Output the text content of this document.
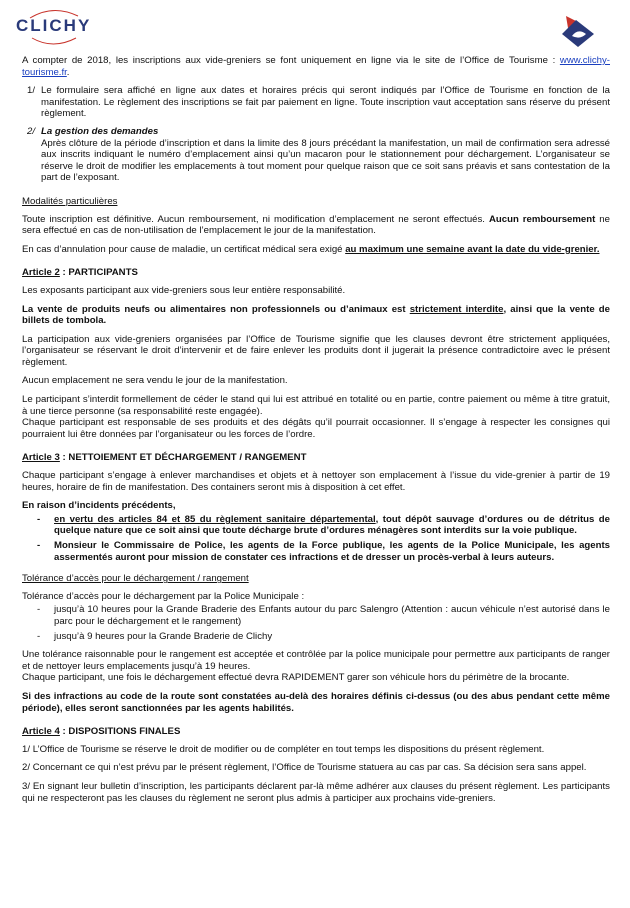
CLICHY

A compter de 2018, les inscriptions aux vide-greniers se font uniquement en ligne via le site de l’Office de Tourisme : www.clichy-tourisme.fr.

1/ Le formulaire sera affiché en ligne aux dates et horaires précis qui seront indiqués par l’Office de Tourisme en fonction de la manifestation. Le règlement des inscriptions se fait par paiement en ligne. Toute inscription vaut acceptation sans réserve du présent règlement.
2/ La gestion des demandes
Après clôture de la période d’inscription et dans la limite des 8 jours précédant la manifestation, un mail de confirmation sera adressé aux inscrits indiquant le numéro d’emplacement ainsi qu’un macaron pour le stationnement pour déchargement. L’organisateur se réserve le droit de modifier les emplacements à tout moment pour quelque raison que ce soit sans préavis et sans contestation de la part de l’exposant.
Modalités particulières

Toute inscription est définitive. Aucun remboursement, ni modification d’emplacement ne seront effectués. Aucun remboursement ne sera effectué en cas de non-utilisation de l’emplacement le jour de la manifestation.

En cas d’annulation pour cause de maladie, un certificat médical sera exigé au maximum une semaine avant la date du vide-grenier.

Article 2 : PARTICIPANTS

Les exposants participant aux vide-greniers sous leur entière responsabilité.

La vente de produits neufs ou alimentaires non professionnels ou d’animaux est strictement interdite, ainsi que la vente de billets de tombola.

La participation aux vide-greniers organisées par l’Office de Tourisme signifie que les clauses devront être strictement appliquées, l’organisateur se réservant le droit d’intervenir et de faire enlever les produits dont il jugerait la présence contradictoire avec le présent règlement.

Aucun emplacement ne sera vendu le jour de la manifestation.

Le participant s’interdit formellement de céder le stand qui lui est attribué en totalité ou en partie, contre paiement ou même à titre gratuit, à une tierce personne (sa responsabilité reste engagée).

Chaque participant est responsable de ses produits et des dégâts qu’il pourrait occasionner. Il s’engage à respecter les consignes qui pourraient lui être données par l’organisateur ou les forces de l’ordre.

Article 3 : NETTOIEMENT ET DÉCHARGEMENT / RANGEMENT

Chaque participant s’engage à enlever marchandises et objets et à nettoyer son emplacement à l’issue du vide-grenier à partir de 19 heures, horaire de fin de manifestation. Des containers seront mis à disposition à cet effet.

En raison d’incidents précédents,

- en vertu des articles 84 et 85 du règlement sanitaire départemental, tout dépôt sauvage d’ordures ou de détritus de quelque nature que ce soit ainsi que toute décharge brute d’ordures ménagères sont interdits sur la voie publique.
- Monsieur le Commissaire de Police, les agents de la Force publique, les agents de la Police Municipale, les agents assermentés auront pour mission de constater ces infractions et de dresser un procès-verbal à leurs auteurs.
Tolérance d’accès pour le déchargement / rangement

Tolérance d’accès pour le déchargement par la Police Municipale :

- jusqu’à 10 heures pour la Grande Braderie des Enfants autour du parc Salengro (Attention : aucun véhicule n’est autorisé dans le parc pour le déchargement et le rangement)
- jusqu’à 9 heures pour la Grande Braderie de Clichy

Une tolérance raisonnable pour le rangement est acceptée et contrôlée par la police municipale pour permettre aux participants de ranger et de nettoyer leurs emplacements jusqu’à 19 heures.

Chaque participant, une fois le déchargement effectué devra RAPIDEMENT garer son véhicule hors du périmètre de la brocante.

Si des infractions au code de la route sont constatées au-delà des horaires définis ci-dessus (ou des abus pendant cette même période), elles seront sanctionnées par les agents habilités.

Article 4 : DISPOSITIONS FINALES

1/ L’Office de Tourisme se réserve le droit de modifier ou de compléter en tout temps les dispositions du présent règlement.

2/ Concernant ce qui n’est prévu par le présent règlement, l’Office de Tourisme statuera au cas par cas. Sa décision sera sans appel.

3/ En signant leur bulletin d’inscription, les participants déclarent par-là même adhérer aux clauses du présent règlement. Les participants qui ne respecteront pas les clauses du règlement ne seront plus admis à participer aux prochains vide-greniers.
